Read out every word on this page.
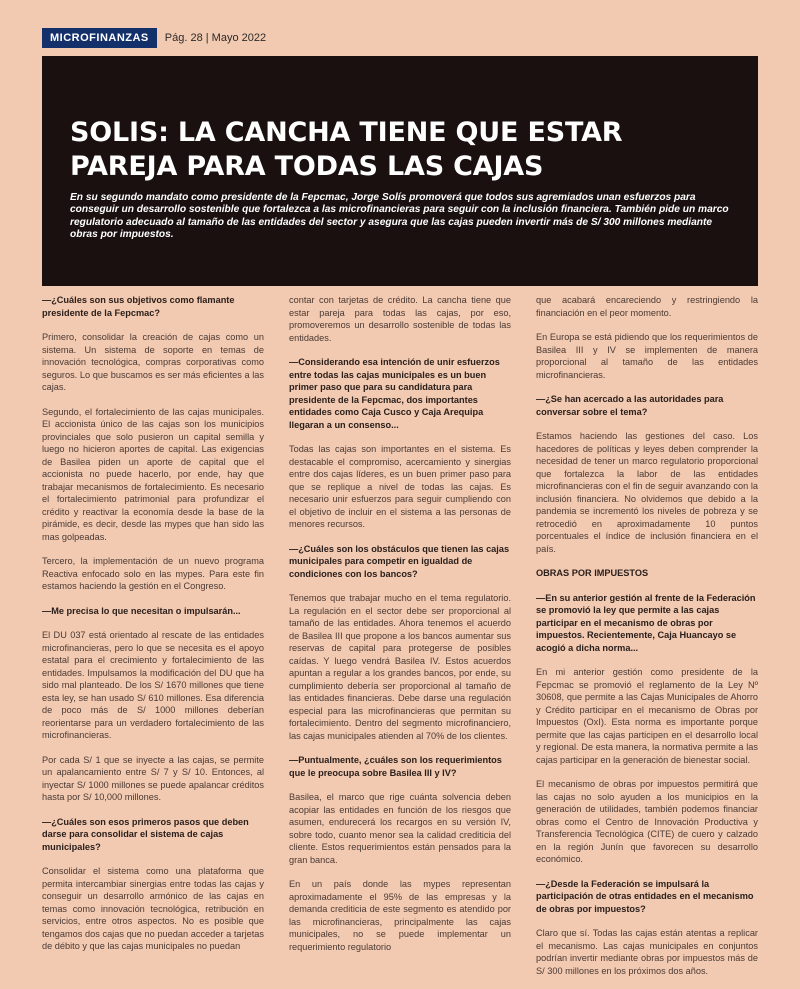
MICROFINANZAS	Pág. 28 | Mayo 2022
SOLIS: LA CANCHA TIENE QUE ESTAR
PAREJA PARA TODAS LAS CAJAS

En su segundo mandato como presidente de la Fepcmac, Jorge Solís promoverá que todos sus agremiados unan esfuerzos para conseguir un desarrollo sostenible que fortalezca a las microfinancieras para seguir con la inclusión financiera. También pide un marco regulatorio adecuado al tamaño de las entidades del sector y asegura que las cajas pueden invertir más de S/ 300 millones mediante obras por impuestos.

—¿Cuáles son sus objetivos como flamante presidente de la Fepcmac?

Primero, consolidar la creación de cajas como un sistema. Un sistema de soporte en temas de innovación tecnológica, compras corporativas como seguros. Lo que buscamos es ser más eficientes a las cajas.

Segundo, el fortalecimiento de las cajas municipales. El accionista único de las cajas son los municipios provinciales que solo pusieron un capital semilla y luego no hicieron aportes de capital. Las exigencias de Basilea piden un aporte de capital que el accionista no puede hacerlo, por ende, hay que trabajar mecanismos de fortalecimiento. Es necesario el fortalecimiento patrimonial para profundizar el crédito y reactivar la economía desde la base de la pirámide, es decir, desde las mypes que han sido las mas golpeadas.

Tercero, la implementación de un nuevo programa Reactiva enfocado solo en las mypes. Para este fin estamos haciendo la gestión en el Congreso.

—Me precisa lo que necesitan o impulsarán...

El DU 037 está orientado al rescate de las entidades microfinancieras, pero lo que se necesita es el apoyo estatal para el crecimiento y fortalecimiento de las entidades. Impulsamos la modificación del DU que ha sido mal planteado. De los S/ 1670 millones que tiene esta ley, se han usado S/ 610 millones. Esa diferencia de poco más de S/ 1000 millones deberían reorientarse para un verdadero fortalecimiento de las microfinancieras.

Por cada S/ 1 que se inyecte a las cajas, se permite un apalancamiento entre S/ 7 y S/ 10. Entonces, al inyectar S/ 1000 millones se puede apalancar créditos hasta por S/ 10,000 millones.

—¿Cuáles son esos primeros pasos que deben darse para consolidar el sistema de cajas municipales?

Consolidar el sistema como una plataforma que permita intercambiar sinergias entre todas las cajas y conseguir un desarrollo armónico de las cajas en temas como innovación tecnológica, retribución en servicios, entre otros aspectos. No es posible que tengamos dos cajas que no puedan acceder a tarjetas de débito y que las cajas municipales no puedan

contar con tarjetas de crédito. La cancha tiene que estar pareja para todas las cajas, por eso, promoveremos un desarrollo sostenible de todas las entidades.

—Considerando esa intención de unir esfuerzos entre todas las cajas municipales es un buen primer paso que para su candidatura para presidente de la Fepcmac, dos importantes entidades como Caja Cusco y Caja Arequipa llegaran a un consenso...

Todas las cajas son importantes en el sistema. Es destacable el compromiso, acercamiento y sinergias entre dos cajas líderes, es un buen primer paso para que se replique a nivel de todas las cajas. Es necesario unir esfuerzos para seguir cumpliendo con el objetivo de incluir en el sistema a las personas de menores recursos.

—¿Cuáles son los obstáculos que tienen las cajas municipales para competir en igualdad de condiciones con los bancos?

Tenemos que trabajar mucho en el tema regulatorio. La regulación en el sector debe ser proporcional al tamaño de las entidades. Ahora tenemos el acuerdo de Basilea III que propone a los bancos aumentar sus reservas de capital para protegerse de posibles caídas. Y luego vendrá Basilea IV. Estos acuerdos apuntan a regular a los grandes bancos, por ende, su cumplimiento debería ser proporcional al tamaño de las entidades financieras. Debe darse una regulación especial para las microfinancieras que permitan su fortalecimiento. Dentro del segmento microfinanciero, las cajas municipales atienden al 70% de los clientes.

—Puntualmente, ¿cuáles son los requerimientos que le preocupa sobre Basilea III y IV?

Basilea, el marco que rige cuánta solvencia deben acopiar las entidades en función de los riesgos que asumen, endurecerá los recargos en su versión IV, sobre todo, cuanto menor sea la calidad crediticia del cliente. Estos requerimientos están pensados para la gran banca.

En un país donde las mypes representan aproximadamente el 95% de las empresas y la demanda crediticia de este segmento es atendido por las microfinancieras, principalmente las cajas municipales, no se puede implementar un requerimiento regulatorio

que acabará encareciendo y restringiendo la financiación en el peor momento.

En Europa se está pidiendo que los requerimientos de Basilea III y IV se implementen de manera proporcional al tamaño de las entidades microfinancieras.

—¿Se han acercado a las autoridades para conversar sobre el tema?

Estamos haciendo las gestiones del caso. Los hacedores de políticas y leyes deben comprender la necesidad de tener un marco regulatorio proporcional que fortalezca la labor de las entidades microfinancieras con el fin de seguir avanzando con la inclusión financiera. No olvidemos que debido a la pandemia se incrementó los niveles de pobreza y se retrocedió en aproximadamente 10 puntos porcentuales el índice de inclusión financiera en el país.

OBRAS POR IMPUESTOS

—En su anterior gestión al frente de la Federación se promovió la ley que permite a las cajas participar en el mecanismo de obras por impuestos. Recientemente, Caja Huancayo se acogió a dicha norma...

En mi anterior gestión como presidente de la Fepcmac se promovió el reglamento de la Ley Nº 30608, que permite a las Cajas Municipales de Ahorro y Crédito participar en el mecanismo de Obras por Impuestos (OxI). Esta norma es importante porque permite que las cajas participen en el desarrollo local y regional. De esta manera, la normativa permite a las cajas participar en la generación de bienestar social.

El mecanismo de obras por impuestos permitirá que las cajas no solo ayuden a los municipios en la generación de utilidades, también podemos financiar obras como el Centro de Innovación Productiva y Transferencia Tecnológica (CITE) de cuero y calzado en la región Junín que favorecen su desarrollo económico.

—¿Desde la Federación se impulsará la participación de otras entidades en el mecanismo de obras por impuestos?

Claro que sí. Todas las cajas están atentas a replicar el mecanismo. Las cajas municipales en conjuntos podrían invertir mediante obras por impuestos más de S/ 300 millones en los próximos dos años.
